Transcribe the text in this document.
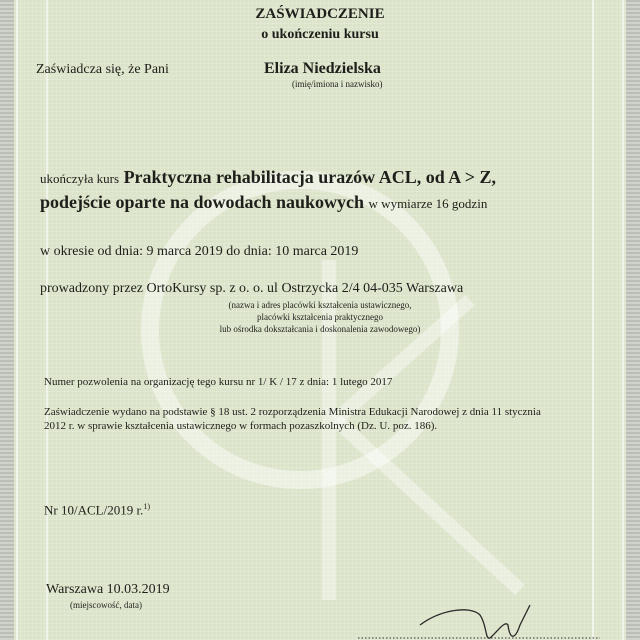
ZAŚWIADCZENIE
o ukończeniu kursu
Zaświadcza się, że Pani	Eliza Niedzielska
(imię/imiona i nazwisko)
ukończyła kurs Praktyczna rehabilitacja urazów ACL, od A > Z,
podejście oparte na dowodach naukowych w wymiarze 16 godzin
w okresie od dnia: 9 marca 2019 do dnia: 10 marca 2019
prowadzony przez OrtoKursy sp. z o. o. ul Ostrzycka 2/4 04-035 Warszawa
(nazwa i adres placówki kształcenia ustawicznego,
placówki kształcenia praktycznego
lub ośrodka dokształcania i doskonalenia zawodowego)
Numer pozwolenia na organizację tego kursu nr 1/ K / 17 z dnia: 1 lutego 2017
Zaświadczenie wydano na podstawie § 18 ust. 2 rozporządzenia Ministra Edukacji Narodowej z dnia 11 stycznia
2012 r. w sprawie kształcenia ustawicznego w formach pozaszkolnych (Dz. U. poz. 186).
Nr 10/ACL/2019 r.$^{1)}$
Warszawa 10.03.2019
(miejscowość, data)
